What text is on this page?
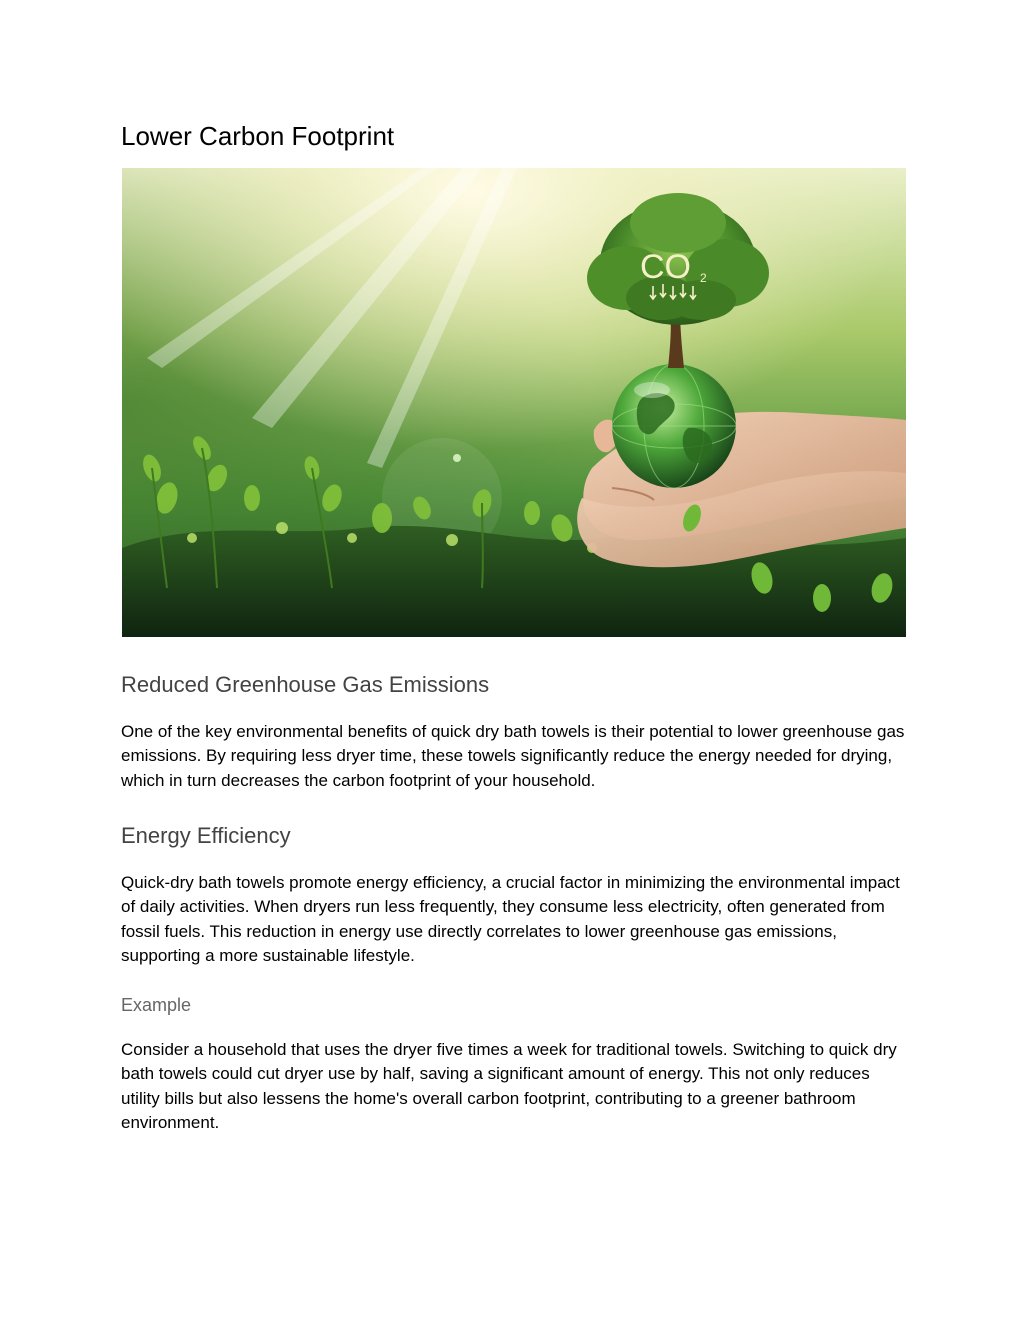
Lower Carbon Footprint
CO 2
Reduced Greenhouse Gas Emissions

One of the key environmental benefits of quick dry bath towels is their potential to lower greenhouse gas emissions. By requiring less dryer time, these towels significantly reduce the energy needed for drying, which in turn decreases the carbon footprint of your household.

Energy Efficiency

Quick-dry bath towels promote energy efficiency, a crucial factor in minimizing the environmental impact of daily activities. When dryers run less frequently, they consume less electricity, often generated from fossil fuels. This reduction in energy use directly correlates to lower greenhouse gas emissions, supporting a more sustainable lifestyle.

Example

Consider a household that uses the dryer five times a week for traditional towels. Switching to quick dry bath towels could cut dryer use by half, saving a significant amount of energy. This not only reduces utility bills but also lessens the home's overall carbon footprint, contributing to a greener bathroom environment.
